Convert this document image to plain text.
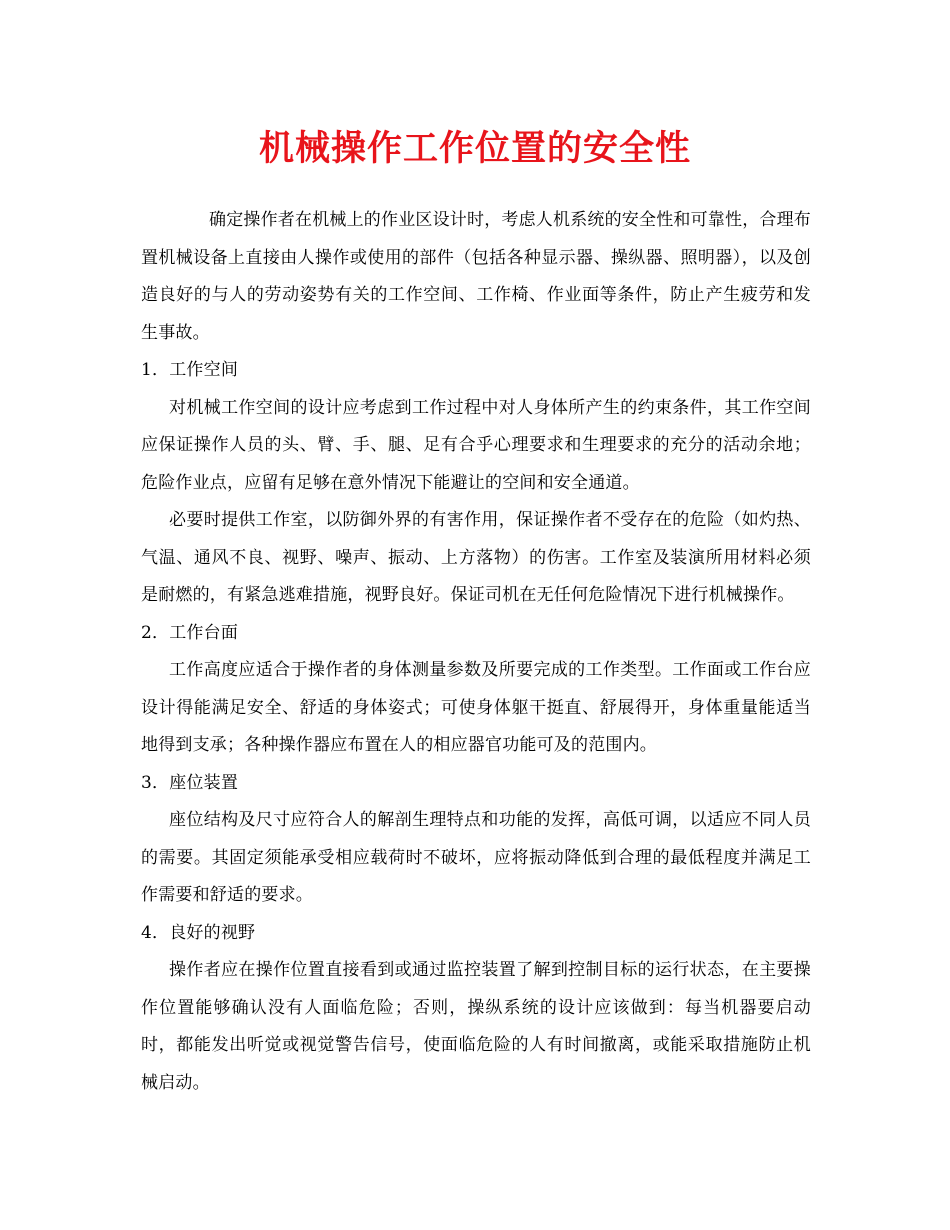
机械操作工作位置的安全性

确定操作者在机械上的作业区设计时，考虑人机系统的安全性和可靠性，合理布置机械设备上直接由人操作或使用的部件（包括各种显示器、操纵器、照明器），以及创造良好的与人的劳动姿势有关的工作空间、工作椅、作业面等条件，防止产生疲劳和发生事故。

1．工作空间

对机械工作空间的设计应考虑到工作过程中对人身体所产生的约束条件，其工作空间应保证操作人员的头、臂、手、腿、足有合乎心理要求和生理要求的充分的活动余地；危险作业点，应留有足够在意外情况下能避让的空间和安全通道。

必要时提供工作室，以防御外界的有害作用，保证操作者不受存在的危险（如灼热、气温、通风不良、视野、噪声、振动、上方落物）的伤害。工作室及装演所用材料必须是耐燃的，有紧急逃难措施，视野良好。保证司机在无任何危险情况下进行机械操作。

2．工作台面

工作高度应适合于操作者的身体测量参数及所要完成的工作类型。工作面或工作台应设计得能满足安全、舒适的身体姿式；可使身体躯干挺直、舒展得开，身体重量能适当地得到支承；各种操作器应布置在人的相应器官功能可及的范围内。

3．座位装置

座位结构及尺寸应符合人的解剖生理特点和功能的发挥，高低可调，以适应不同人员的需要。其固定须能承受相应载荷时不破坏，应将振动降低到合理的最低程度并满足工作需要和舒适的要求。

4．良好的视野

操作者应在操作位置直接看到或通过监控装置了解到控制目标的运行状态，在主要操作位置能够确认没有人面临危险；否则，操纵系统的设计应该做到：每当机器要启动时，都能发出听觉或视觉警告信号，使面临危险的人有时间撤离，或能采取措施防止机械启动。
